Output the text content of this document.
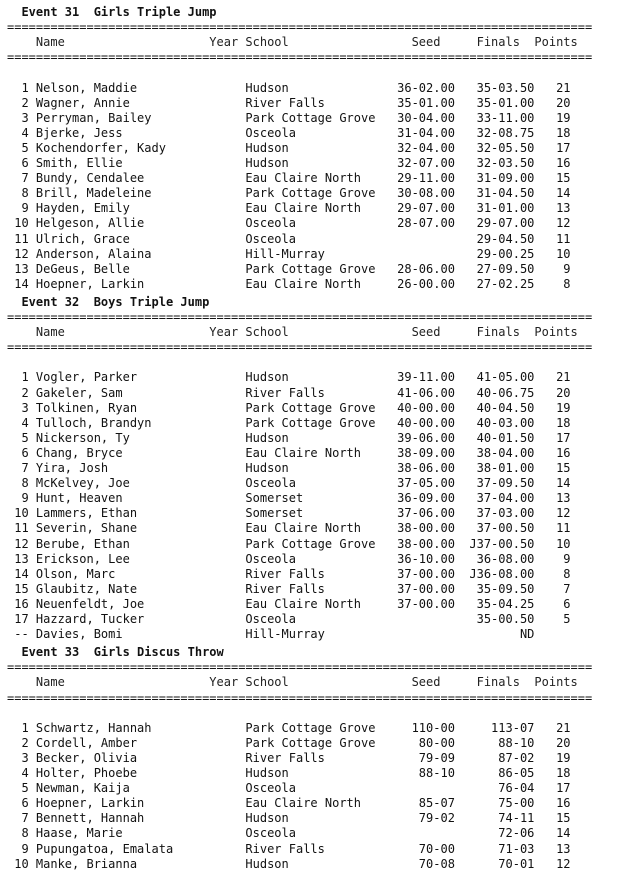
Event 31  Girls Triple Jump
=================================================================================
Name                    Year School                 Seed     Finals  Points
=================================================================================
1 Nelson, Maddie               Hudson               36-02.00   35-03.50   21
2 Wagner, Annie                River Falls          35-01.00   35-01.00   20
3 Perryman, Bailey             Park Cottage Grove   30-04.00   33-11.00   19
4 Bjerke, Jess                 Osceola              31-04.00   32-08.75   18
5 Kochendorfer, Kady           Hudson               32-04.00   32-05.50   17
6 Smith, Ellie                 Hudson               32-07.00   32-03.50   16
7 Bundy, Cendalee              Eau Claire North     29-11.00   31-09.00   15
8 Brill, Madeleine             Park Cottage Grove   30-08.00   31-04.50   14
9 Hayden, Emily                Eau Claire North     29-07.00   31-01.00   13
10 Helgeson, Allie              Osceola              28-07.00   29-07.00   12
11 Ulrich, Grace                Osceola                         29-04.50   11
12 Anderson, Alaina             Hill-Murray                     29-00.25   10
13 DeGeus, Belle                Park Cottage Grove   28-06.00   27-09.50    9
14 Hoepner, Larkin              Eau Claire North     26-00.00   27-02.25    8
Event 32  Boys Triple Jump
=================================================================================
Name                    Year School                 Seed     Finals  Points
=================================================================================
1 Vogler, Parker               Hudson               39-11.00   41-05.00   21
2 Gakeler, Sam                 River Falls          41-06.00   40-06.75   20
3 Tolkinen, Ryan               Park Cottage Grove   40-00.00   40-04.50   19
4 Tulloch, Brandyn             Park Cottage Grove   40-00.00   40-03.00   18
5 Nickerson, Ty                Hudson               39-06.00   40-01.50   17
6 Chang, Bryce                 Eau Claire North     38-09.00   38-04.00   16
7 Yira, Josh                   Hudson               38-06.00   38-01.00   15
8 McKelvey, Joe                Osceola              37-05.00   37-09.50   14
9 Hunt, Heaven                 Somerset             36-09.00   37-04.00   13
10 Lammers, Ethan               Somerset             37-06.00   37-03.00   12
11 Severin, Shane               Eau Claire North     38-00.00   37-00.50   11
12 Berube, Ethan                Park Cottage Grove   38-00.00  J37-00.50   10
13 Erickson, Lee                Osceola              36-10.00   36-08.00    9
14 Olson, Marc                  River Falls          37-00.00  J36-08.00    8
15 Glaubitz, Nate               River Falls          37-00.00   35-09.50    7
16 Neuenfeldt, Joe              Eau Claire North     37-00.00   35-04.25    6
17 Hazzard, Tucker              Osceola                         35-00.50    5
-- Davies, Bomi                 Hill-Murray                           ND
Event 33  Girls Discus Throw
=================================================================================
Name                    Year School                 Seed     Finals  Points
=================================================================================
1 Schwartz, Hannah             Park Cottage Grove     110-00     113-07   21
2 Cordell, Amber               Park Cottage Grove      80-00      88-10   20
3 Becker, Olivia               River Falls             79-09      87-02   19
4 Holter, Phoebe               Hudson                  88-10      86-05   18
5 Newman, Kaija                Osceola                            76-04   17
6 Hoepner, Larkin              Eau Claire North        85-07      75-00   16
7 Bennett, Hannah              Hudson                  79-02      74-11   15
8 Haase, Marie                 Osceola                            72-06   14
9 Pupungatoa, Emalata          River Falls             70-00      71-03   13
10 Manke, Brianna               Hudson                  70-08      70-01   12
